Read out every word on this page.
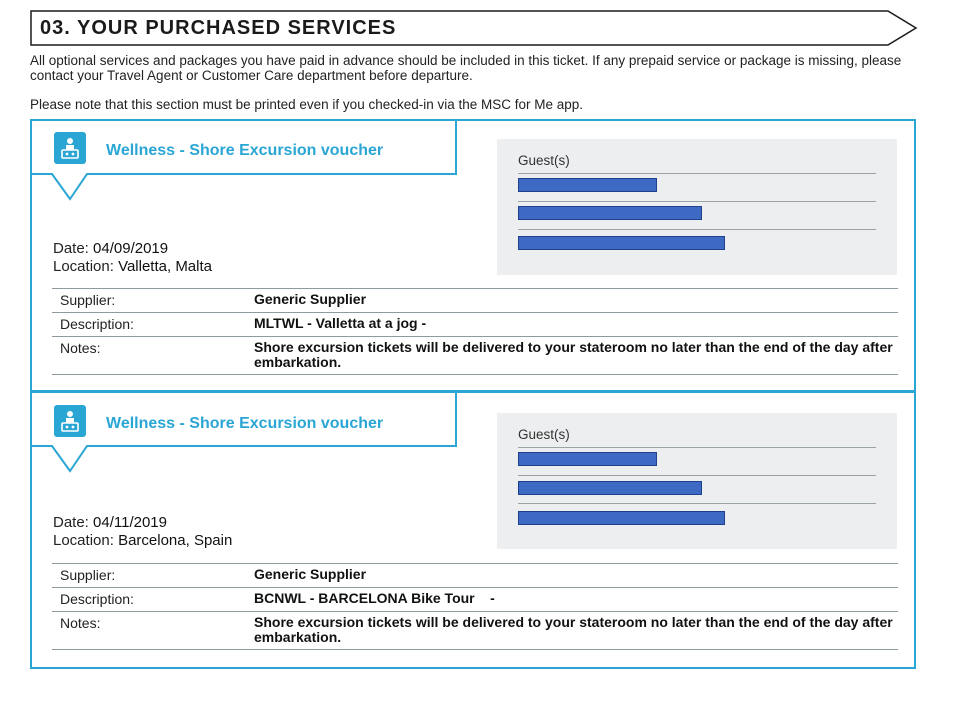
03. YOUR PURCHASED SERVICES
All optional services and packages you have paid in advance should be included in this ticket. If any prepaid service or package is missing, please contact your Travel Agent or Customer Care department before departure.
Please note that this section must be printed even if you checked-in via the MSC for Me app.
Wellness - Shore Excursion voucher
Date: 04/09/2019
Location: Valletta, Malta
Guest(s)
Supplier:	Generic Supplier
Description:	MLTWL - Valletta at a jog -
Notes:	Shore excursion tickets will be delivered to your stateroom no later than the end of the day after embarkation.
Wellness - Shore Excursion voucher
Date: 04/11/2019
Location: Barcelona, Spain
Guest(s)
Supplier:	Generic Supplier
Description:	BCNWL - BARCELONA Bike Tour    -
Notes:	Shore excursion tickets will be delivered to your stateroom no later than the end of the day after embarkation.
